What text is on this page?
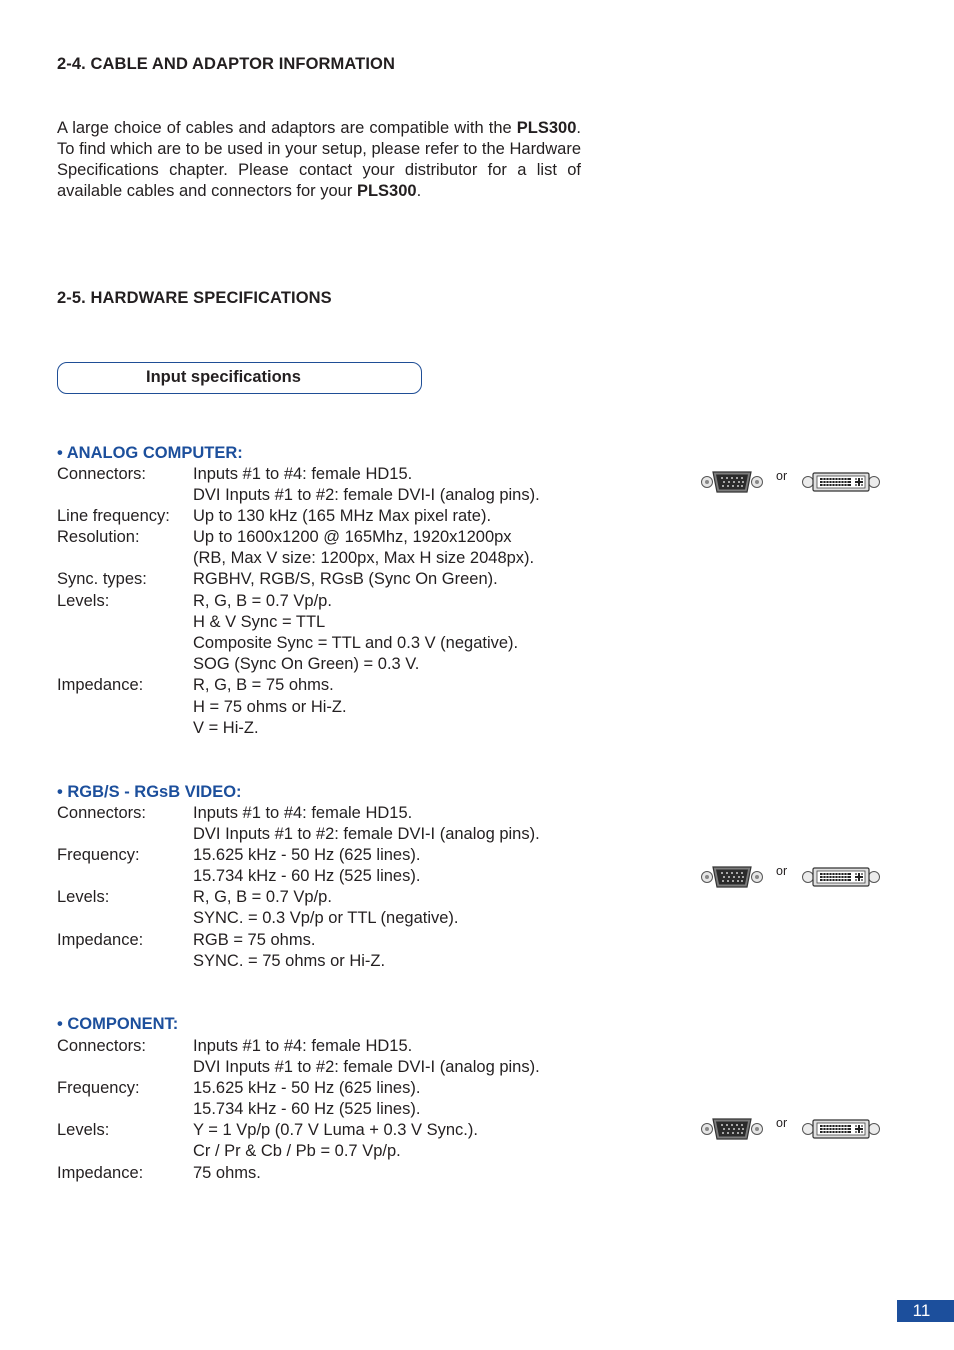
2-4. CABLE AND ADAPTOR INFORMATION

A large choice of cables and adaptors are compatible with the PLS300. To find which are to be used in your setup, please refer to the Hardware Specifications chapter. Please contact your distributor for a list of available cables and connectors for your PLS300.

2-5. HARDWARE SPECIFICATIONS
Input specifications
• ANALOG COMPUTER:
Connectors:	Inputs #1 to #4: female HD15.
DVI Inputs #1 to #2: female DVI-I (analog pins).
Line frequency: Up to 130 kHz (165 MHz Max pixel rate).
Resolution:	Up to 1600x1200 @ 165Mhz, 1920x1200px
(RB, Max V size: 1200px, Max H size 2048px).
Sync. types:	RGBHV, RGB/S, RGsB (Sync On Green).
Levels:	R, G, B = 0.7 Vp/p.
H & V Sync = TTL
Composite Sync = TTL and 0.3 V (negative).
SOG (Sync On Green) = 0.3 V.
Impedance:	R, G, B = 75 ohms.
H = 75 ohms or Hi-Z.
V = Hi-Z.
• RGB/S - RGsB VIDEO:
Connectors:	Inputs #1 to #4: female HD15.
DVI Inputs #1 to #2: female DVI-I (analog pins).
Frequency:	15.625 kHz - 50 Hz (625 lines).
15.734 kHz - 60 Hz (525 lines).
Levels:	R, G, B = 0.7 Vp/p.
SYNC. = 0.3 Vp/p or TTL (negative).
Impedance:	RGB = 75 ohms.
SYNC. = 75 ohms or Hi-Z.
• COMPONENT:
Connectors:	Inputs #1 to #4: female HD15.
DVI Inputs #1 to #2: female DVI-I (analog pins).
Frequency:	15.625 kHz - 50 Hz (625 lines).
15.734 kHz - 60 Hz (525 lines).
Levels:	Y = 1 Vp/p (0.7 V Luma + 0.3 V Sync.).
Cr / Pr & Cb / Pb = 0.7 Vp/p.
Impedance:	75 ohms.
or
or
or
11
